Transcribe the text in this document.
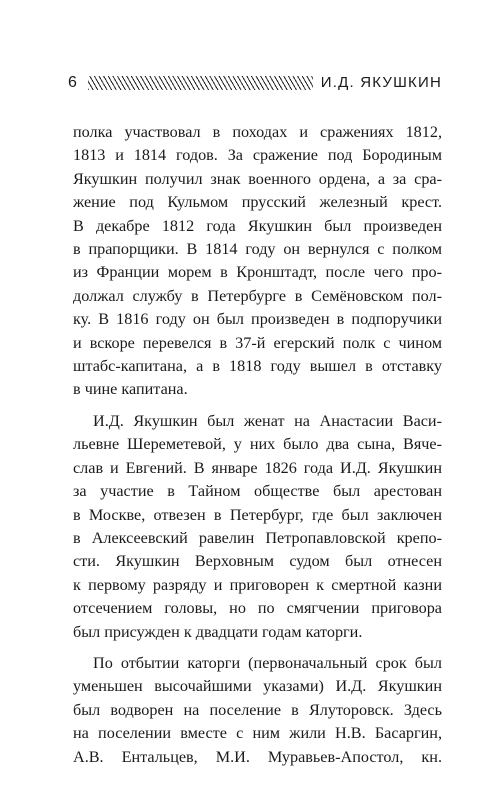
6	И.Д. ЯКУШКИН

полка участвовал в походах и сражениях 1812,
1813 и 1814 годов. За сражение под Бородиным
Якушкин получил знак военного ордена, а за сра-
жение под Кульмом прусский железный крест.
В декабре 1812 года Якушкин был произведен
в прапорщики. В 1814 году он вернулся с полком
из Франции морем в Кронштадт, после чего про-
должал службу в Петербурге в Семёновском пол-
ку. В 1816 году он был произведен в подпоручики
и вскоре перевелся в 37-й егерский полк с чином
штабс-капитана, а в 1818 году вышел в отставку
в чине капитана.

И.Д. Якушкин был женат на Анастасии Васи-
льевне Шереметевой, у них было два сына, Вяче-
слав и Евгений. В январе 1826 года И.Д. Якушкин
за участие в Тайном обществе был арестован
в Москве, отвезен в Петербург, где был заключен
в Алексеевский равелин Петропавловской крепо-
сти. Якушкин Верховным судом был отнесен
к первому разряду и приговорен к смертной казни
отсечением головы, но по смягчении приговора
был присужден к двадцати годам каторги.

По отбытии каторги (первоначальный срок был
уменьшен высочайшими указами) И.Д. Якушкин
был водворен на поселение в Ялуторовск. Здесь
на поселении вместе с ним жили Н.В. Басаргин,
А.В. Ентальцев, М.И. Муравьев-Апостол, кн.
